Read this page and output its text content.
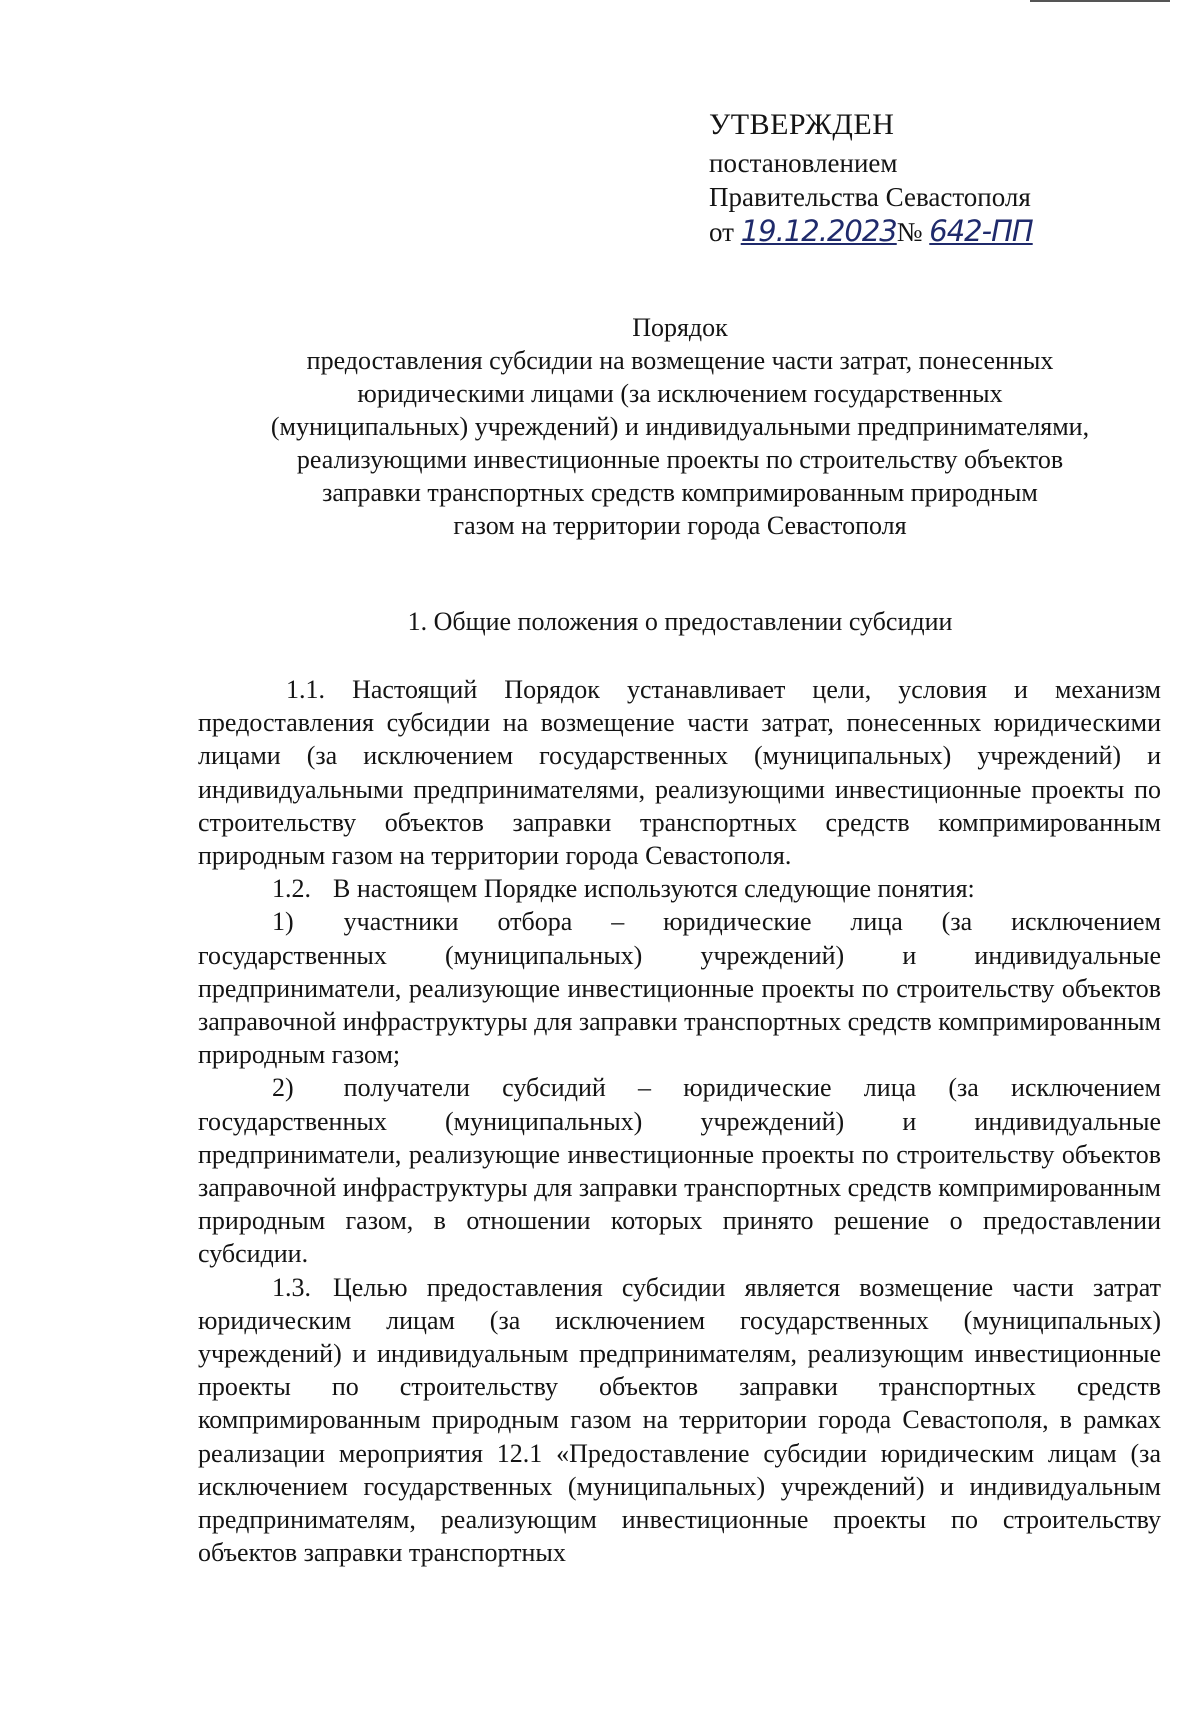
УТВЕРЖДЕН
постановлением
Правительства Севастополя
от 19.12.2023№ 642-ПП
Порядок
предоставления субсидии на возмещение части затрат, понесенных
юридическими лицами (за исключением государственных
(муниципальных) учреждений) и индивидуальными предпринимателями,
реализующими инвестиционные проекты по строительству объектов
заправки транспортных средств компримированным природным
газом на территории города Севастополя
1. Общие положения о предоставлении субсидии

1.1. Настоящий Порядок устанавливает цели, условия и механизм предоставления субсидии на возмещение части затрат, понесенных юридическими лицами (за исключением государственных (муниципальных) учреждений) и индивидуальными предпринимателями, реализующими инвестиционные проекты по строительству объектов заправки транспортных средств компримированным природным газом на территории города Севастополя.

1.2. В настоящем Порядке используются следующие понятия:

1) участники отбора – юридические лица (за исключением государственных (муниципальных) учреждений) и индивидуальные предприниматели, реализующие инвестиционные проекты по строительству объектов заправочной инфраструктуры для заправки транспортных средств компримированным природным газом;

2) получатели субсидий – юридические лица (за исключением государственных (муниципальных) учреждений) и индивидуальные предприниматели, реализующие инвестиционные проекты по строительству объектов заправочной инфраструктуры для заправки транспортных средств компримированным природным газом, в отношении которых принято решение о предоставлении субсидии.

1.3. Целью предоставления субсидии является возмещение части затрат юридическим лицам (за исключением государственных (муниципальных) учреждений) и индивидуальным предпринимателям, реализующим инвестиционные проекты по строительству объектов заправки транспортных средств компримированным природным газом на территории города Севастополя, в рамках реализации мероприятия 12.1 «Предоставление субсидии юридическим лицам (за исключением государственных (муниципальных) учреждений) и индивидуальным предпринимателям, реализующим инвестиционные проекты по строительству объектов заправки транспортных
